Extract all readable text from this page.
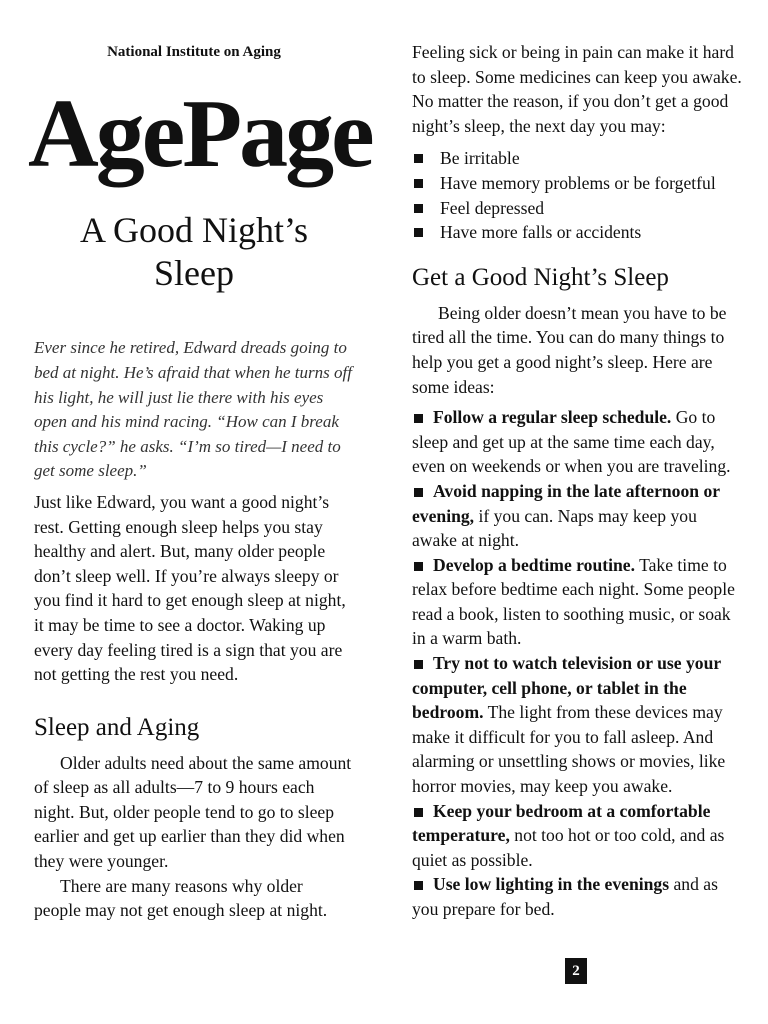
National Institute on Aging
AgePage
A Good Night’s
Sleep

Ever since he retired, Edward dreads going to bed at night. He’s afraid that when he turns off his light, he will just lie there with his eyes open and his mind racing. “How can I break this cycle?” he asks. “I’m so tired—I need to get some sleep.”

Just like Edward, you want a good night’s rest. Getting enough sleep helps you stay healthy and alert. But, many older people don’t sleep well. If you’re always sleepy or you find it hard to get enough sleep at night, it may be time to see a doctor. Waking up every day feeling tired is a sign that you are not getting the rest you need.

Sleep and Aging

Older adults need about the same amount of sleep as all adults—7 to 9 hours each night. But, older people tend to go to sleep earlier and get up earlier than they did when they were younger.

There are many reasons why older people may not get enough sleep at night.

Feeling sick or being in pain can make it hard to sleep. Some medicines can keep you awake. No matter the reason, if you don’t get a good night’s sleep, the next day you may:

Be irritable
Have memory problems or be forgetful
Feel depressed
Have more falls or accidents
Get a Good Night’s Sleep

Being older doesn’t mean you have to be tired all the time. You can do many things to help you get a good night’s sleep. Here are some ideas:

Follow a regular sleep schedule. Go to sleep and get up at the same time each day, even on weekends or when you are traveling.

Avoid napping in the late afternoon or evening, if you can. Naps may keep you awake at night.

Develop a bedtime routine. Take time to relax before bedtime each night. Some people read a book, listen to soothing music, or soak in a warm bath.

Try not to watch television or use your computer, cell phone, or tablet in the bedroom. The light from these devices may make it difficult for you to fall asleep. And alarming or unsettling shows or movies, like horror movies, may keep you awake.

Keep your bedroom at a comfortable temperature, not too hot or too cold, and as quiet as possible.

Use low lighting in the evenings and as you prepare for bed.

2
